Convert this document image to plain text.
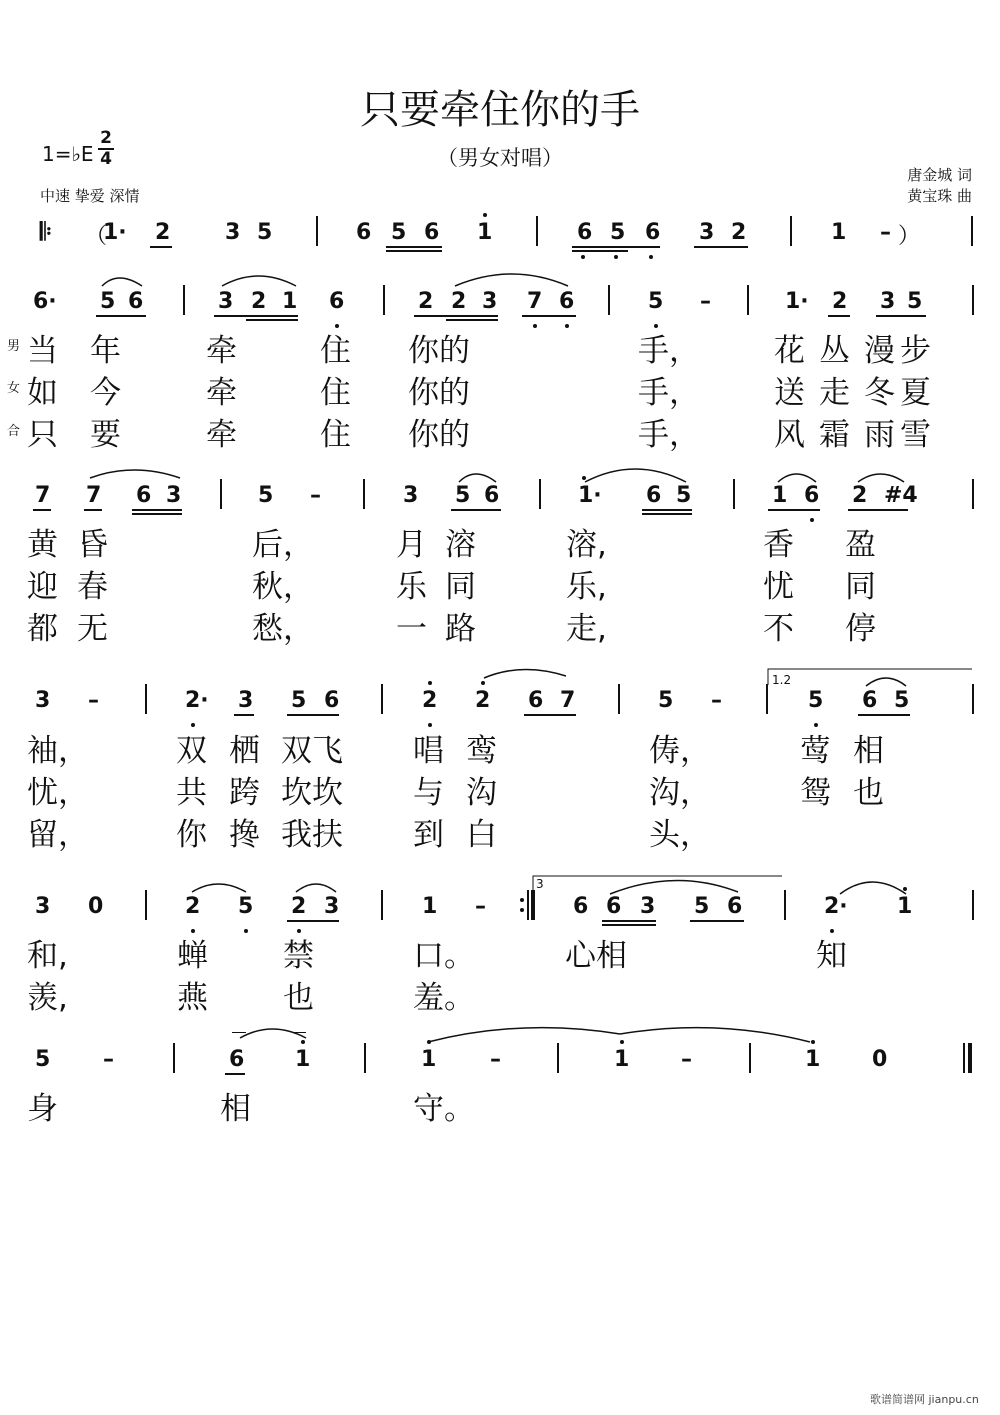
只要牵住你的手
（男女对唱）
1=♭E
2
4
中速 挚爱 深情
唐金城 词
黄宝珠 曲
𝄆 （
1· 2 3 5	6 5 6 1	6 5 6 3 2	1 – ）
6· 5 6	3 2 1 6	2 2 3 7 6	5 –	1· 2 3 5
男
女
合
当 年	牵	住 你的	手， 花 丛 漫 步
如 今	牵	住 你的	手， 送 走 冬 夏
只 要	牵	住 你的	手， 风 霜 雨 雪
7 7 6 3	5 –	3 5 6	1· 6 5	1 6 2 #4
黄 昏	后，	月 溶	溶,	香 盈
迎 春	秋，	乐 同	乐,	忧 同
都 无	愁，	一 路	走,	不 停
3 –	2· 3 5 6	2 2 6 7	5 –
1.2
5 6 5
袖，	双 栖 双飞 唱 鸾	俦，	莺 相
忧，	共 跨 坎坎 与 沟	沟，	鸳 也
留，	你 搀 我扶 到 白	头，
3 0	2 5 2 3	1 –
3
6 6 3 5 6	2· 1
和,	蝉 禁	口。	心相	知
羡,	燕 也	羞。
5 –	6 1	1 –	1 –	1 0
身	相	守。
歌谱简谱网 jianpu.cn
